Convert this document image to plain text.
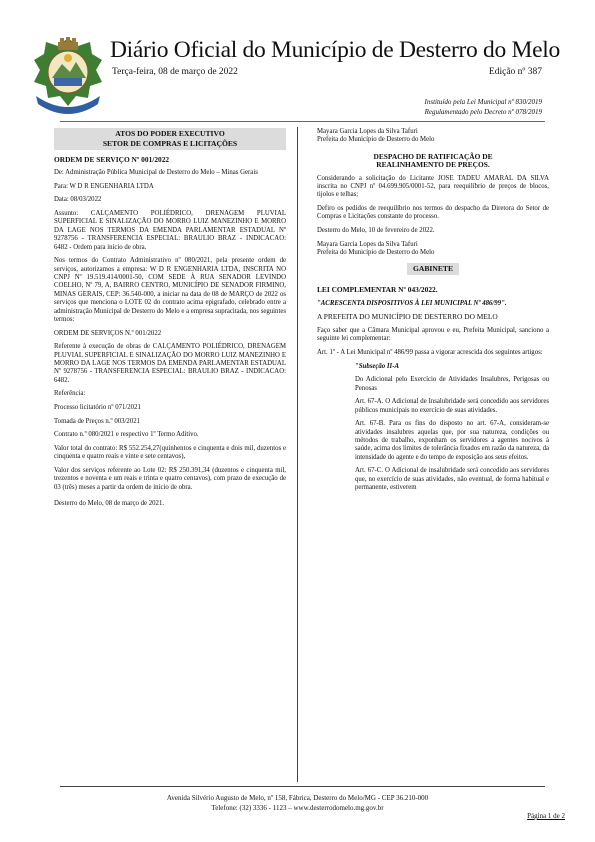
Diário Oficial do Município de Desterro do Melo
Terça-feira, 08 de março de 2022	Edição nº 387
Instituído pela Lei Municipal nº 830/2019
Regulamentado pelo Decreto nº 078/2019
ATOS DO PODER EXECUTIVO
SETOR DE COMPRAS E LICITAÇÕES

ORDEM DE SERVIÇO Nº 001/2022

De: Administração Pública Municipal de Desterro do Melo – Minas Gerais

Para: W D R ENGENHARIA LTDA

Data: 08/03/2022

Assunto: CALÇAMENTO POLIÉDRICO, DRENAGEM PLUVIAL SUPERFICIAL E SINALIZAÇÃO DO MORRO LUIZ MANEZINHO E MORRO DA LAGE NOS TERMOS DA EMENDA PARLAMENTAR ESTADUAL Nº 9278756 - TRANSFERENCIA ESPECIAL: BRAULIO BRAZ - INDICACAO: 6482 - Ordem para início de obra.

Nos termos do Contrato Administrativo nº 080/2021, pela presente ordem de serviços, autorizamos a empresa: W D R ENGENHARIA LTDA, INSCRITA NO CNPJ Nº 19.519.414/0001-50, COM SEDE À RUA SENADOR LEVINDO COELHO, Nº 79, A, BAIRRO CENTRO, MUNICÍPIO DE SENADOR FIRMINO, MINAS GERAIS, CEP: 36.540-000, a iniciar na data de 08 de MARÇO de 2022 os serviços que menciona o LOTE 02 do contrato acima epigrafado, celebrado entre a administração Municipal de Desterro do Melo e a empresa supracitada, nos seguintes termos:

ORDEM DE SERVIÇOS N.º 001/2022

Referente à execução de obras de CALÇAMENTO POLIÉDRICO, DRENAGEM PLUVIAL SUPERFICIAL E SINALIZAÇÃO DO MORRO LUIZ MANEZINHO E MORRO DA LAGE NOS TERMOS DA EMENDA PARLAMENTAR ESTADUAL Nº 9278756 - TRANSFERENCIA ESPECIAL: BRAULIO BRAZ - INDICACAO: 6482.

Referência:

Processo licitatório nº 071/2021

Tomada de Preços n.º 003/2021

Contrato n.º 080/2021 e respectivo 1º Termo Aditivo.

Valor total do contrato: R$ 552.254,27(quinhentos e cinquenta e dois mil, duzentos e cinquenta e quatro reais e vinte e sete centavos),

Valor dos serviços referente ao Lote 02: R$ 250.391,34 (duzentos e cinquenta mil, trezentos e noventa e um reais e trinta e quatro centavos), com prazo de execução de 03 (três) meses a partir da ordem de início de obra.

Desterro do Melo, 08 de março de 2021.

Mayara Garcia Lopes da Silva Tafuri

Prefeita do Município de Desterro do Melo

DESPACHO DE RATIFICAÇÃO DE
REALINHAMENTO DE PREÇOS.

Considerando a solicitação do Licitante JOSE TADEU AMARAL DA SILVA inscrita no CNPJ nº 04.699.905/0001-52, para reequilíbrio de preços de blocos, tijolos e telhas;

Defiro os pedidos de reequilíbrio nos termos do despacho da Diretora do Setor de Compras e Licitações constante do processo.

Desterro do Melo, 10 de fevereiro de 2022.

Mayara Garcia Lopes da Silva Tafuri

Prefeita do Município de Desterro do Melo

GABINETE

LEI COMPLEMENTAR Nº 043/2022.

"ACRESCENTA DISPOSITIVOS À LEI MUNICIPAL Nº 486/99".

A PREFEITA DO MUNICÍPIO DE DESTERRO DO MELO

Faço saber que a Câmara Municipal aprovou e eu, Prefeita Municipal, sanciono a seguinte lei complementar:

Art. 1º - A Lei Municipal nº 486/99 passa a vigorar acrescida dos seguintes artigos:

"Subseção II-A

Do Adicional pelo Exercício de Atividades Insalubres, Perigosas ou Penosas

Art. 67-A. O Adicional de Insalubridade será concedido aos servidores públicos municipais no exercício de suas atividades.

Art. 67-B. Para os fins do disposto no art. 67-A, consideram-se atividades insalubres aquelas que, por sua natureza, condições ou métodos de trabalho, exponham os servidores a agentes nocivos à saúde, acima dos limites de tolerância fixados em razão da natureza, da intensidade do agente e do tempo de exposição aos seus efeitos.

Art. 67-C. O Adicional de insalubridade será concedido aos servidores que, no exercício de suas atividades, não eventual, de forma habitual e permanente, estiverem

Avenida Silvério Augusto de Melo, nº 158, Fábrica, Desterro do Melo/MG - CEP 36.210-000
Telefone: (32) 3336 - 1123 – www.desterrodomelo.mg.gov.br
Página 1 de 2
